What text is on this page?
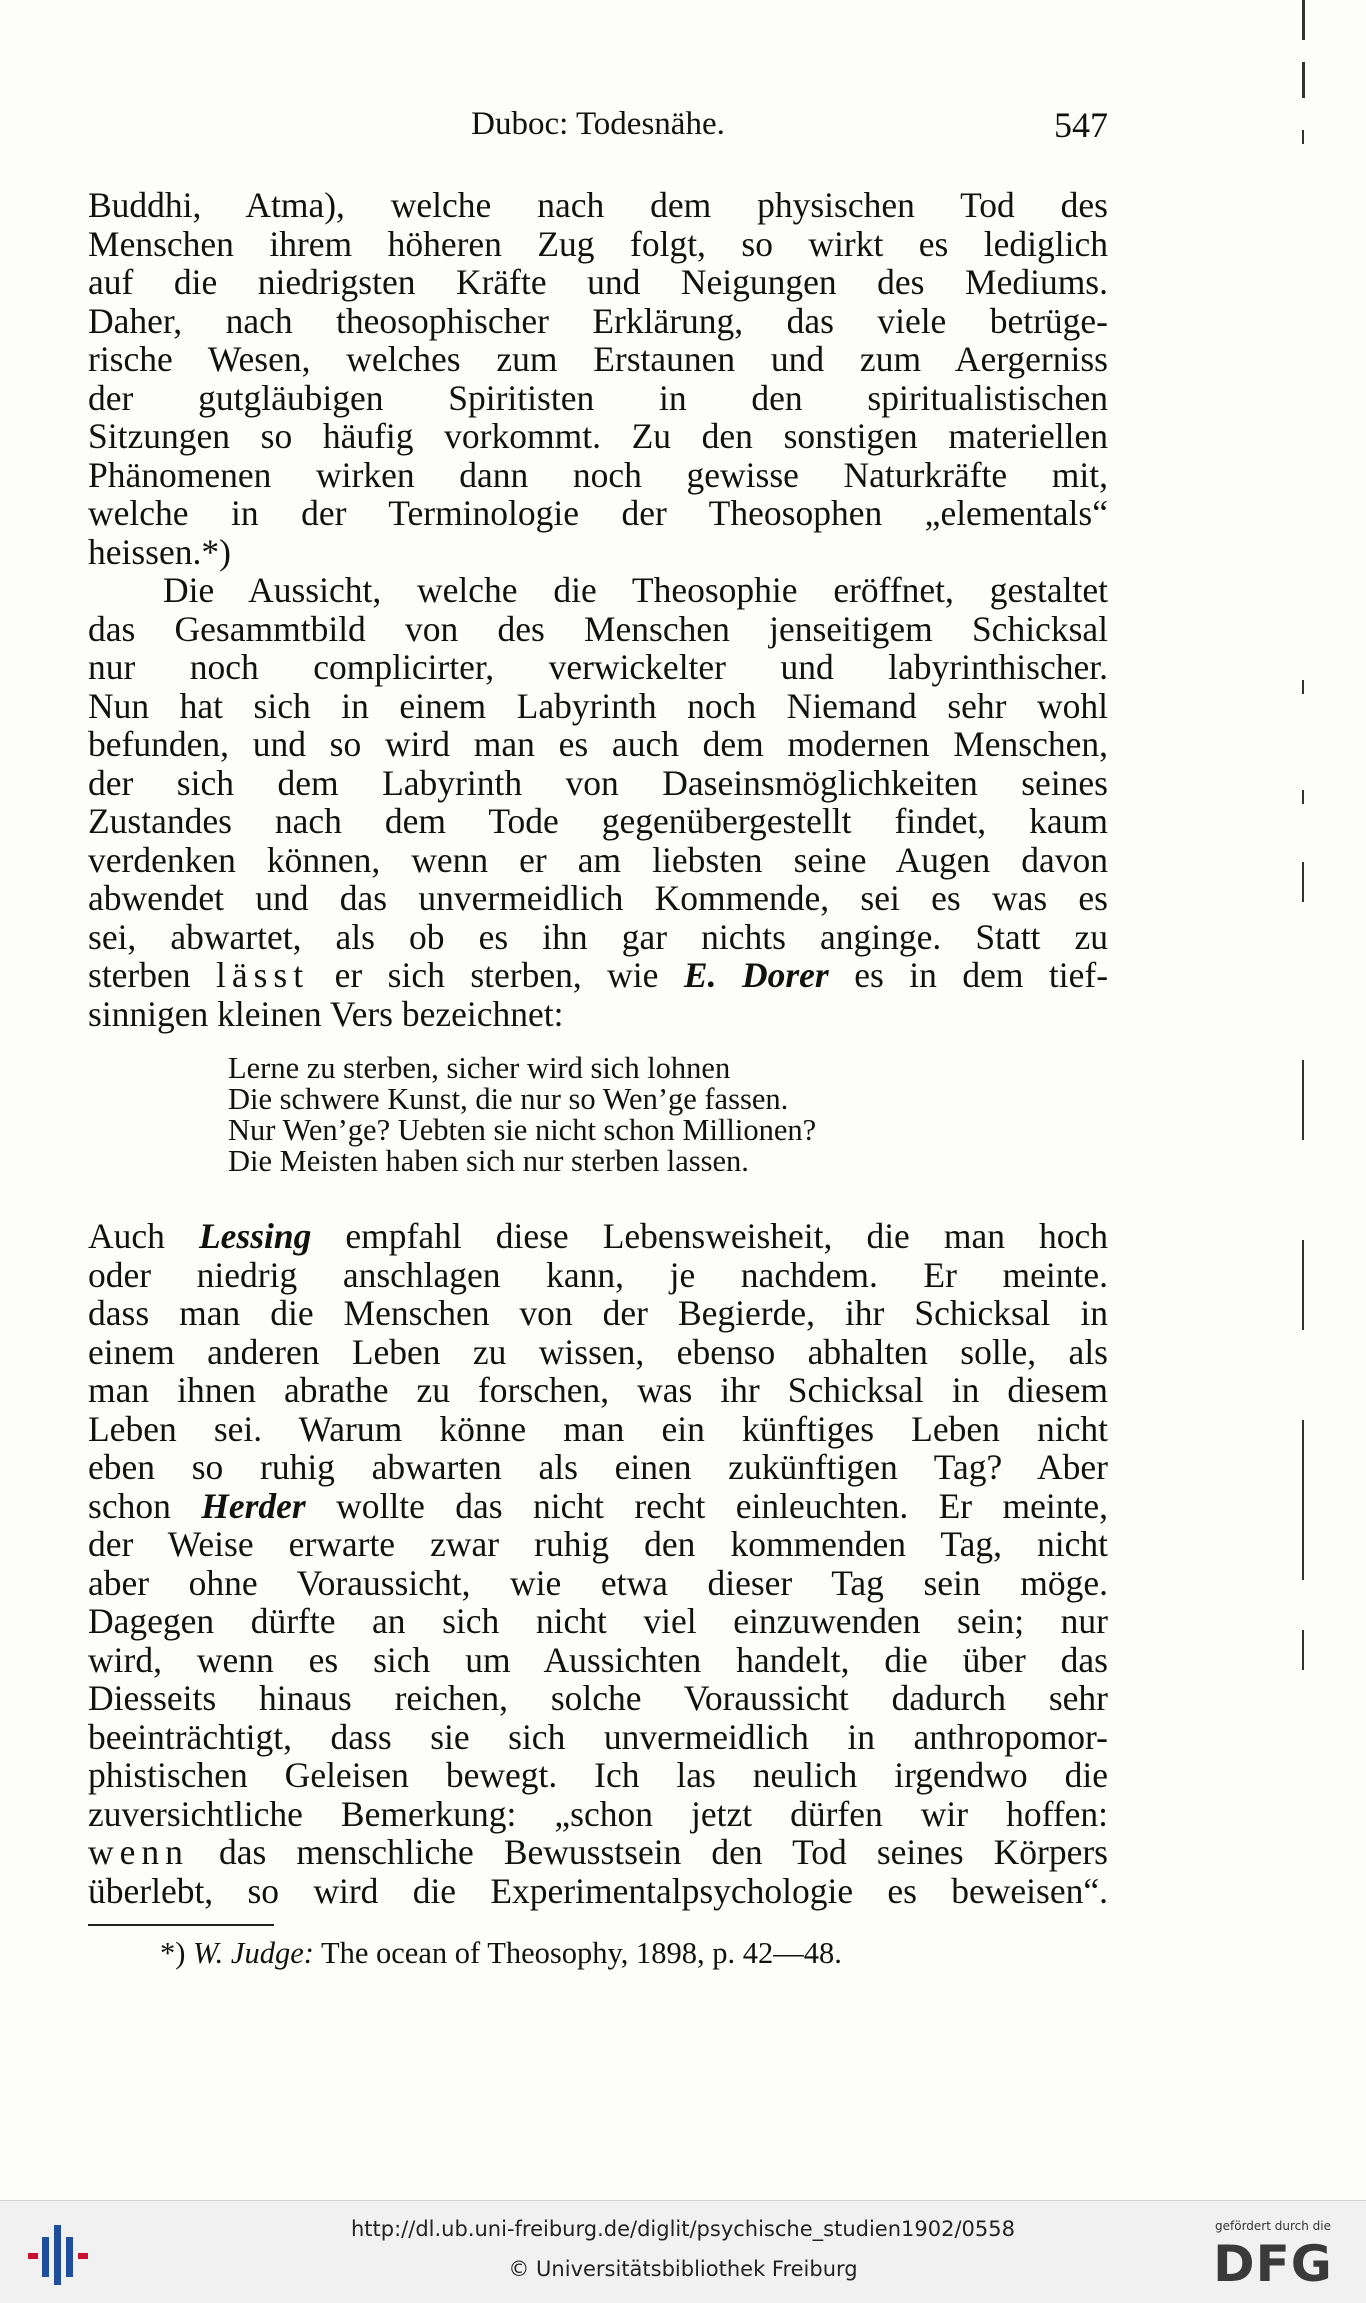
Duboc: Todesnähe.	547
Buddhi, Atma), welche nach dem physischen Tod des
Menschen ihrem höheren Zug folgt, so wirkt es lediglich
auf die niedrigsten Kräfte und Neigungen des Mediums.
Daher, nach theosophischer Erklärung, das viele betrüge-
rische Wesen, welches zum Erstaunen und zum Aergerniss
der gutgläubigen Spiritisten in den spiritualistischen
Sitzungen so häufig vorkommt. Zu den sonstigen materiellen
Phänomenen wirken dann noch gewisse Naturkräfte mit,
welche in der Terminologie der Theosophen „elementals“
heissen.*)
Die Aussicht, welche die Theosophie eröffnet, gestaltet
das Gesammtbild von des Menschen jenseitigem Schicksal
nur noch complicirter, verwickelter und labyrinthischer.
Nun hat sich in einem Labyrinth noch Niemand sehr wohl
befunden, und so wird man es auch dem modernen Menschen,
der sich dem Labyrinth von Daseinsmöglichkeiten seines
Zustandes nach dem Tode gegenübergestellt findet, kaum
verdenken können, wenn er am liebsten seine Augen davon
abwendet und das unvermeidlich Kommende, sei es was es
sei, abwartet, als ob es ihn gar nichts anginge. Statt zu
sterben lässt er sich sterben, wie E. Dorer es in dem tief-
sinnigen kleinen Vers bezeichnet:
Lerne zu sterben, sicher wird sich lohnen
Die schwere Kunst, die nur so Wen’ge fassen.
Nur Wen’ge? Uebten sie nicht schon Millionen?
Die Meisten haben sich nur sterben lassen.
Auch Lessing empfahl diese Lebensweisheit, die man hoch
oder niedrig anschlagen kann, je nachdem. Er meinte.
dass man die Menschen von der Begierde, ihr Schicksal in
einem anderen Leben zu wissen, ebenso abhalten solle, als
man ihnen abrathe zu forschen, was ihr Schicksal in diesem
Leben sei. Warum könne man ein künftiges Leben nicht
eben so ruhig abwarten als einen zukünftigen Tag? Aber
schon Herder wollte das nicht recht einleuchten. Er meinte,
der Weise erwarte zwar ruhig den kommenden Tag, nicht
aber ohne Voraussicht, wie etwa dieser Tag sein möge.
Dagegen dürfte an sich nicht viel einzuwenden sein; nur
wird, wenn es sich um Aussichten handelt, die über das
Diesseits hinaus reichen, solche Voraussicht dadurch sehr
beeinträchtigt, dass sie sich unvermeidlich in anthropomor-
phistischen Geleisen bewegt. Ich las neulich irgendwo die
zuversichtliche Bemerkung: „schon jetzt dürfen wir hoffen:
wenn das menschliche Bewusstsein den Tod seines Körpers
überlebt, so wird die Experimentalpsychologie es beweisen“.
*) W. Judge: The ocean of Theosophy, 1898, p. 42—48.
http://dl.ub.uni-freiburg.de/diglit/psychische_studien1902/0558
© Universitätsbibliothek Freiburg
gefördert durch die
DFG
